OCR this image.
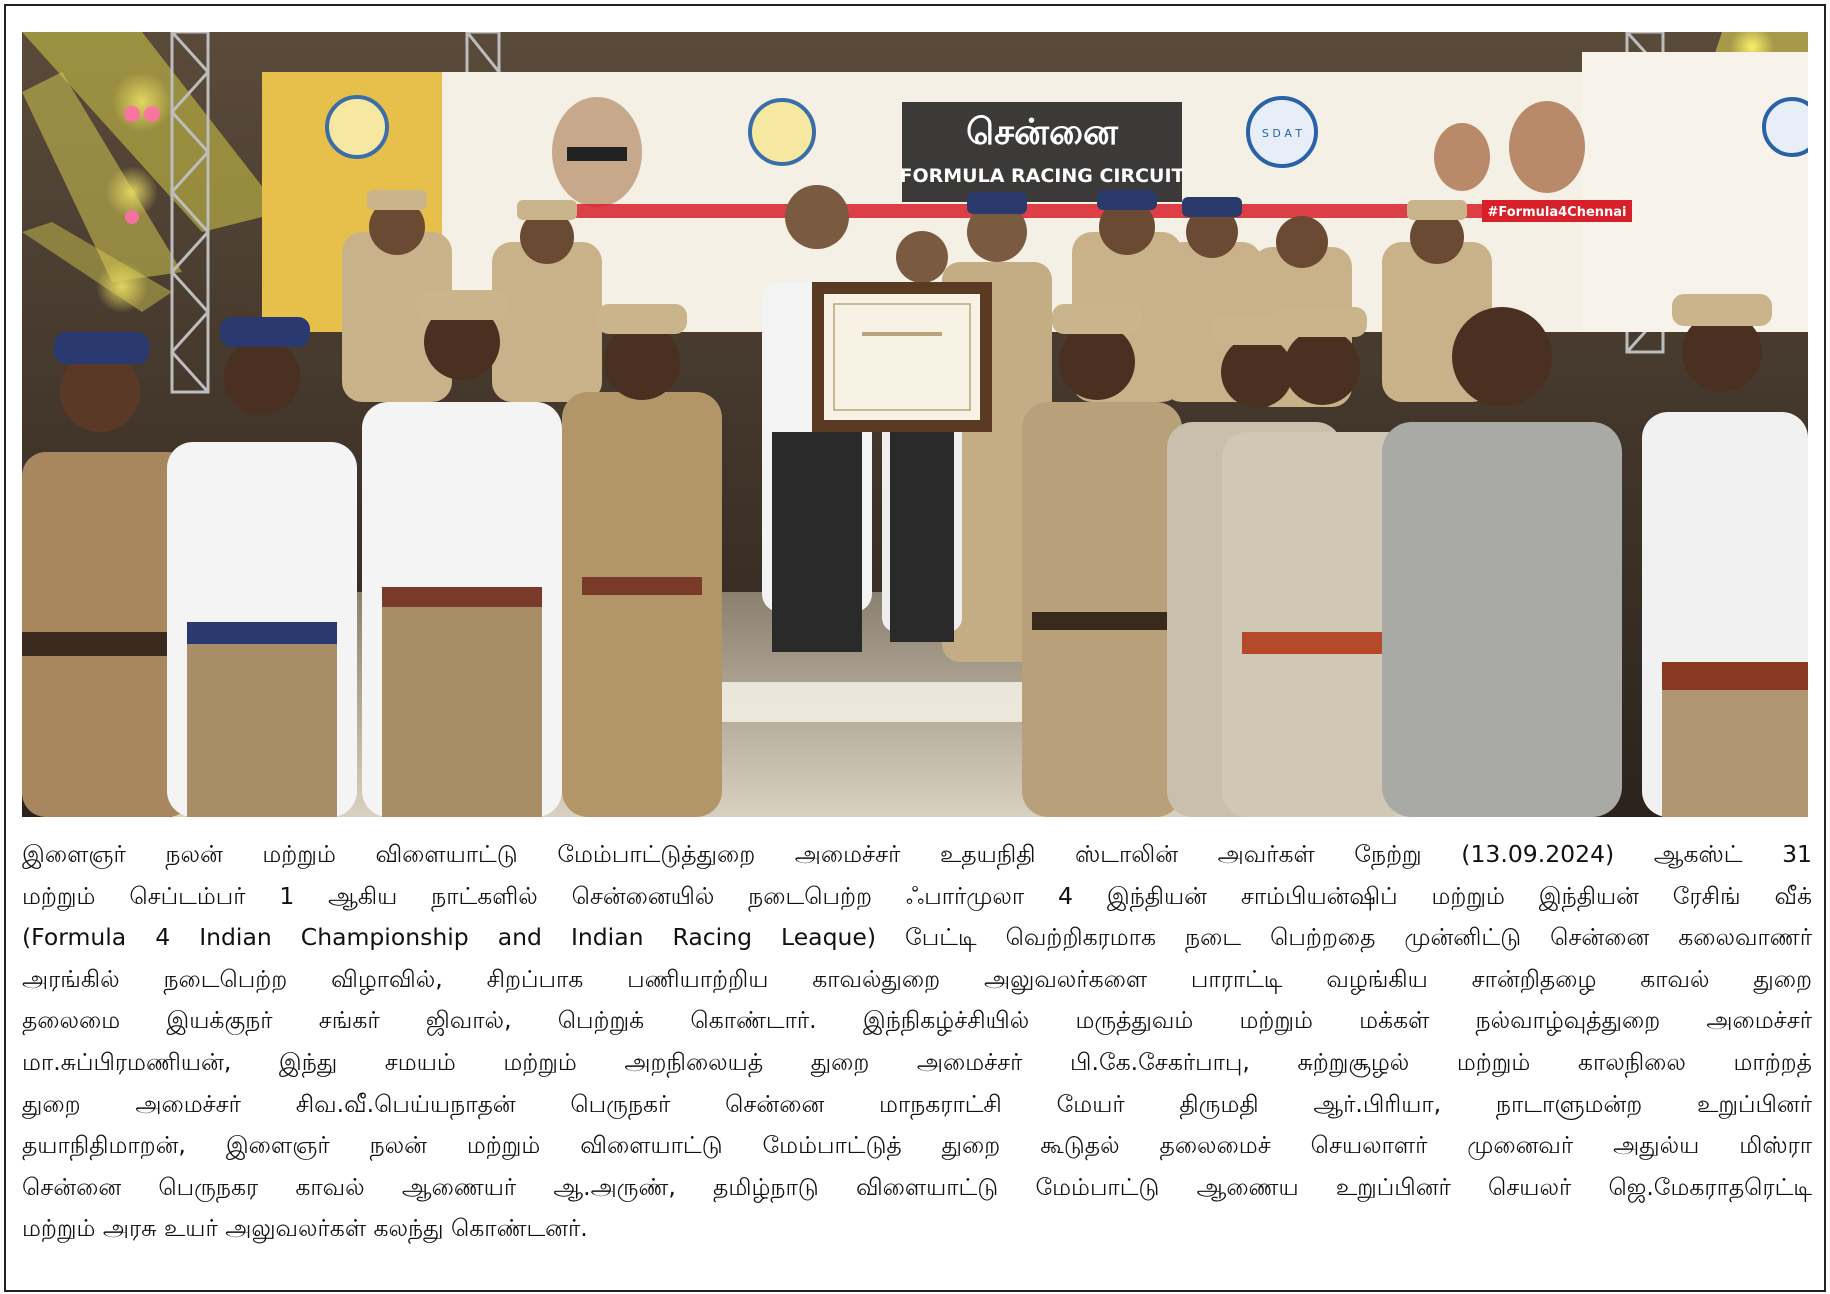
S D A T
சென்னை
FORMULA RACING CIRCUIT
#Formula4Chennai
இளைஞர் நலன் மற்றும் விளையாட்டு மேம்பாட்டுத்துறை அமைச்சர் உதயநிதி ஸ்டாலின் அவர்கள் நேற்று (13.09.2024) ஆகஸ்ட் 31
மற்றும் செப்டம்பர் 1 ஆகிய நாட்களில் சென்னையில் நடைபெற்ற ஃபார்முலா 4 இந்தியன் சாம்பியன்ஷிப் மற்றும் இந்தியன் ரேசிங் வீக்
(Formula 4 Indian Championship and Indian Racing Leaque) பேட்டி வெற்றிகரமாக நடை பெற்றதை முன்னிட்டு சென்னை கலைவாணர்
அரங்கில் நடைபெற்ற விழாவில், சிறப்பாக பணியாற்றிய காவல்துறை அலுவலர்களை பாராட்டி வழங்கிய சான்றிதழை காவல் துறை
தலைமை இயக்குநர் சங்கர் ஜிவால், பெற்றுக் கொண்டார். இந்நிகழ்ச்சியில் மருத்துவம் மற்றும் மக்கள் நல்வாழ்வுத்துறை அமைச்சர்
மா.சுப்பிரமணியன், இந்து சமயம் மற்றும் அறநிலையத் துறை அமைச்சர் பி.கே.சேகர்பாபு, சுற்றுசூழல் மற்றும் காலநிலை மாற்றத்
துறை அமைச்சர் சிவ.வீ.பெய்யநாதன் பெருநகர் சென்னை மாநகராட்சி மேயர் திருமதி ஆர்.பிரியா, நாடாளுமன்ற உறுப்பினர்
தயாநிதிமாறன், இளைஞர் நலன் மற்றும் விளையாட்டு மேம்பாட்டுத் துறை கூடுதல் தலைமைச் செயலாளர் முனைவர் அதுல்ய மிஸ்ரா
சென்னை பெருநகர காவல் ஆணையர் ஆ.அருண், தமிழ்நாடு விளையாட்டு மேம்பாட்டு ஆணைய உறுப்பினர் செயலர் ஜெ.மேகராதரெட்டி
மற்றும் அரசு உயர் அலுவலர்கள் கலந்து கொண்டனர்.
